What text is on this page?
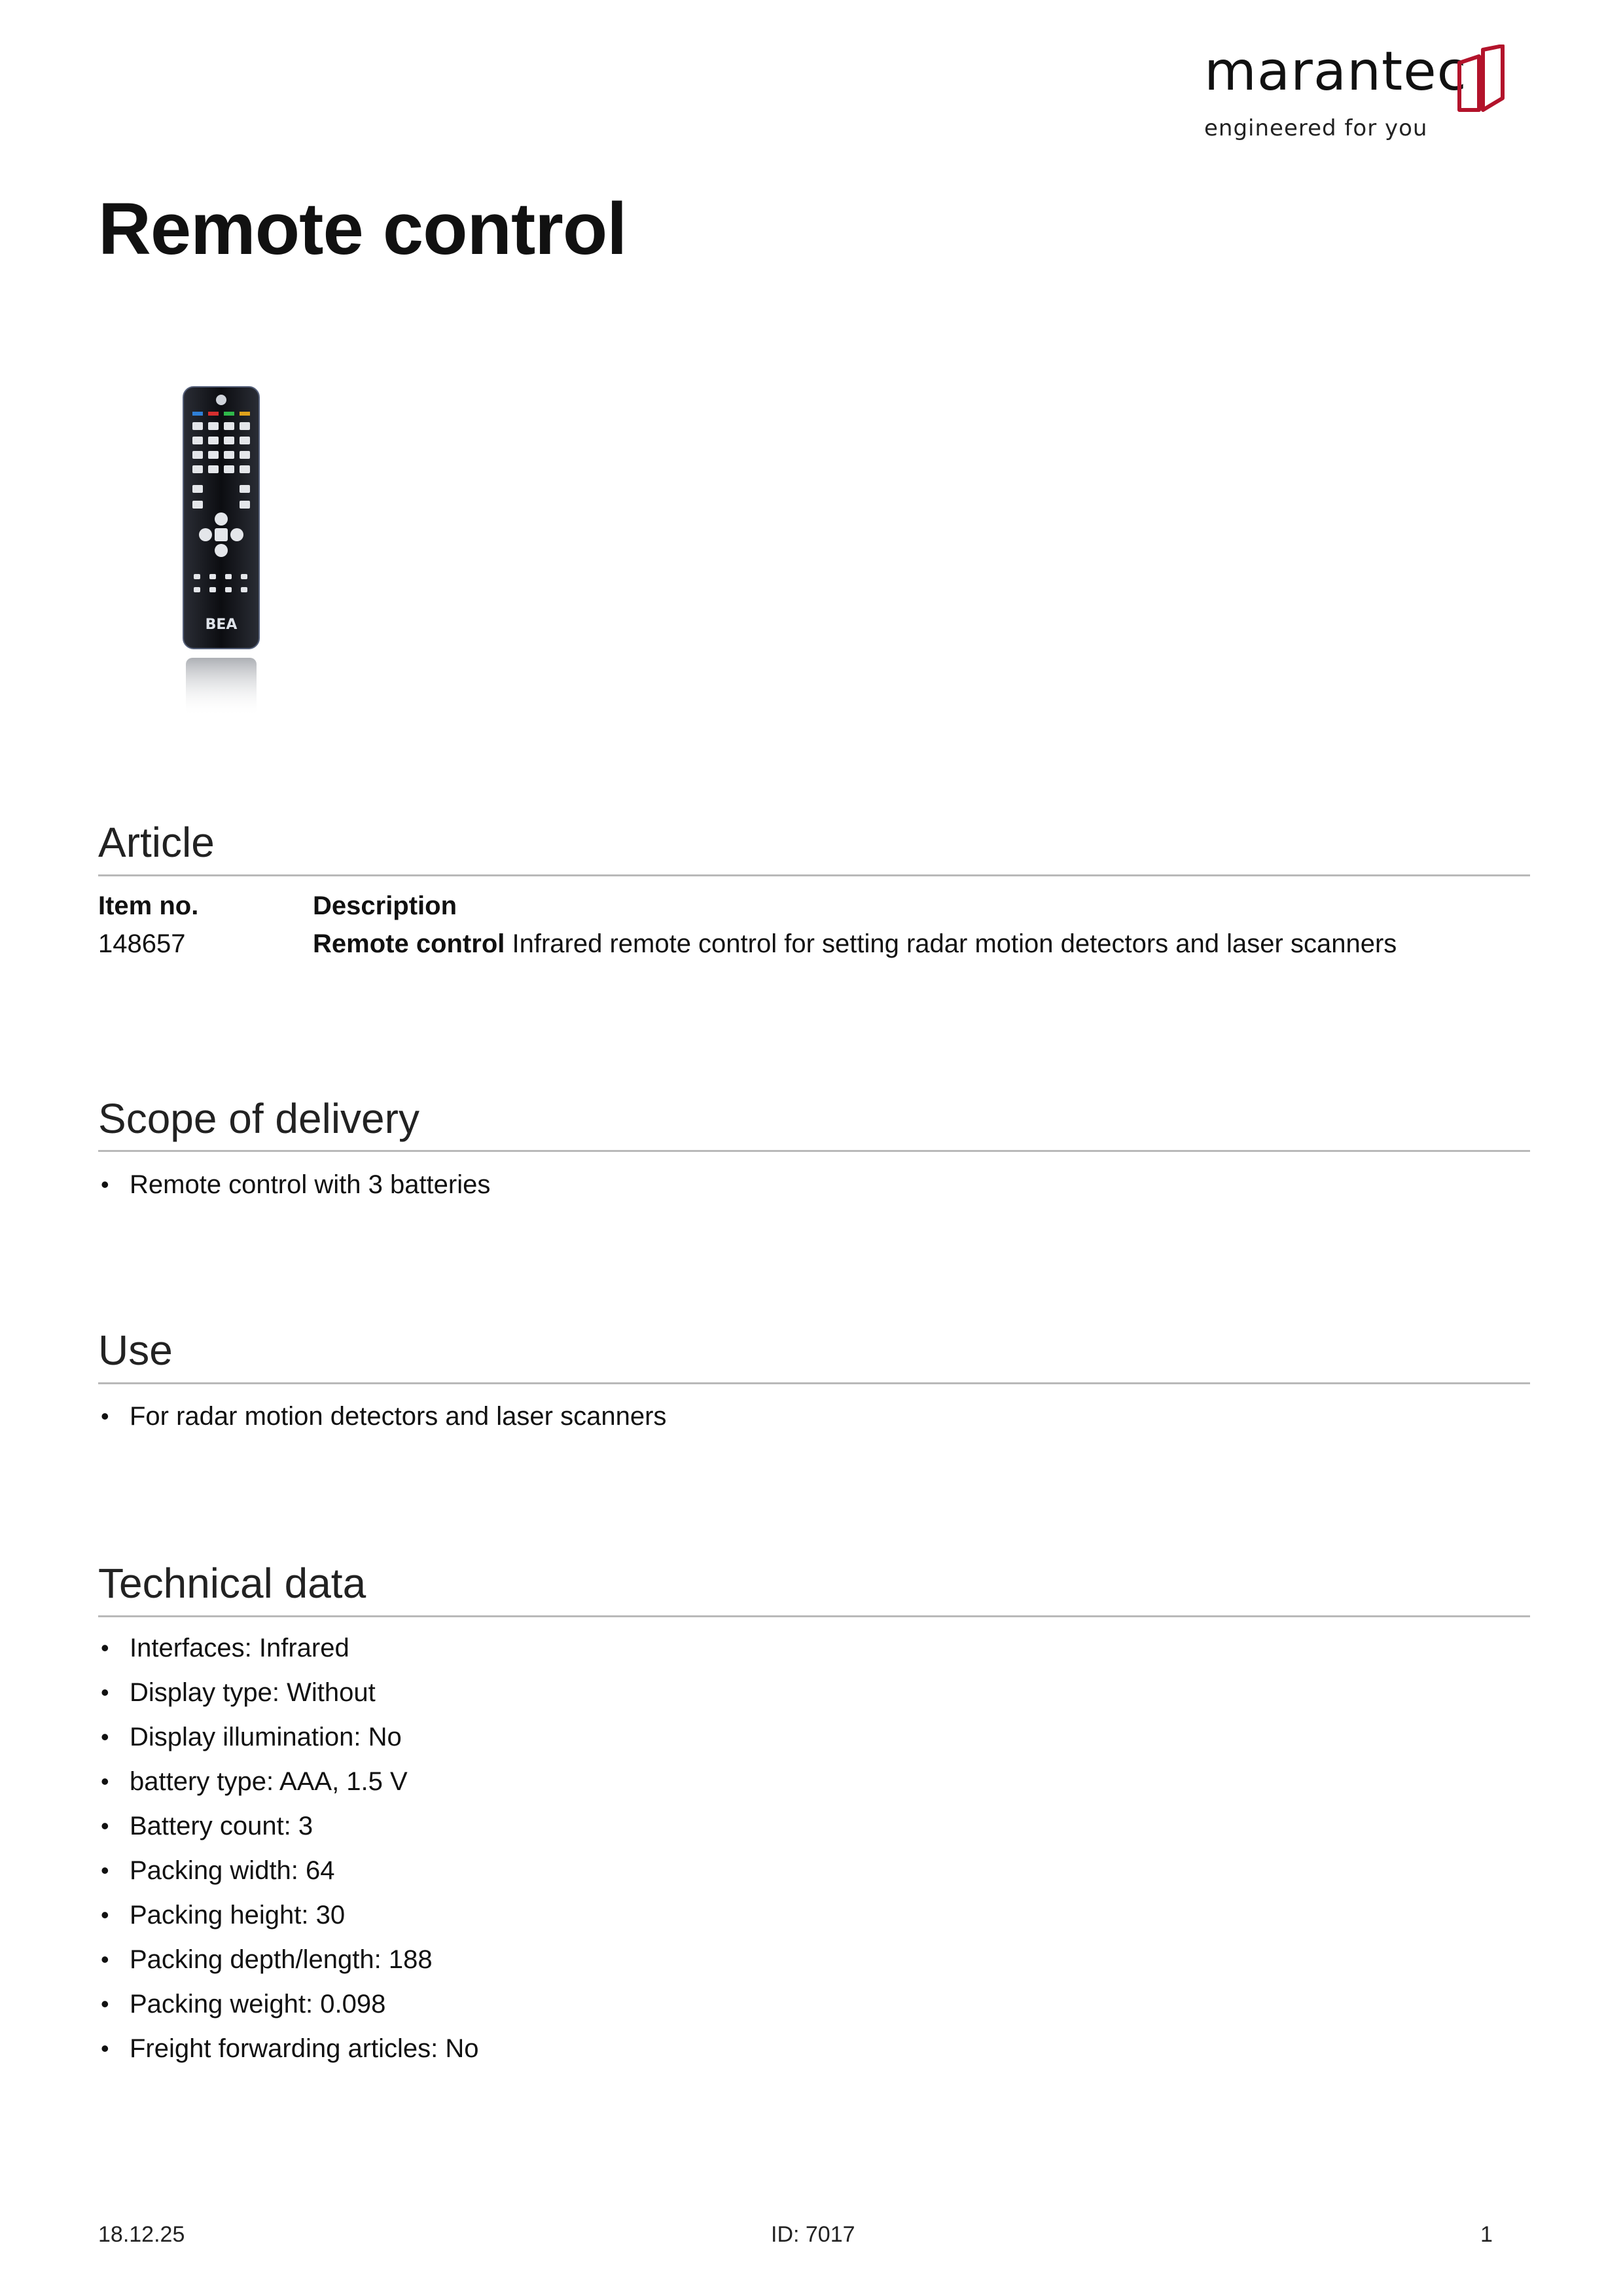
marantec
engineered for you
Remote control
BEA
Article
Item no.	Description
148657	Remote control Infrared remote control for setting radar motion detectors and laser scanners
Scope of delivery
• Remote control with 3 batteries
Use
• For radar motion detectors and laser scanners
Technical data
• Interfaces: Infrared
• Display type: Without
• Display illumination: No
• battery type: AAA, 1.5 V
• Battery count: 3
• Packing width: 64
• Packing height: 30
• Packing depth/length: 188
• Packing weight: 0.098
• Freight forwarding articles: No
18.12.25	ID: 7017	1
